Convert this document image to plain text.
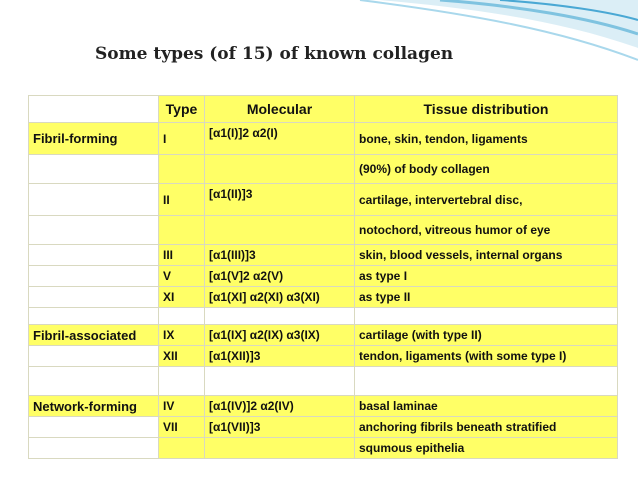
Some types (of 15) of known collagen
	Type	Molecular	Tissue distribution
Fibril-forming	I	[α1(I)]2 α2(I)	bone, skin, tendon, ligaments
			(90%) of body collagen
	II	[α1(II)]3	cartilage, intervertebral disc,
			notochord, vitreous humor of eye
	III	[α1(III)]3	skin, blood vessels, internal organs
	V	[α1(V]2 α2(V)	as type I
	XI	[α1(XI] α2(XI) α3(XI)	as type II

Fibril-associated	IX	[α1(IX] α2(IX) α3(IX)	cartilage (with type II)
	XII	[α1(XII)]3	tendon, ligaments (with some type I)

Network-forming	IV	[α1(IV)]2 α2(IV)	basal laminae
	VII	[α1(VII)]3	anchoring fibrils beneath stratified
			squmous epithelia
